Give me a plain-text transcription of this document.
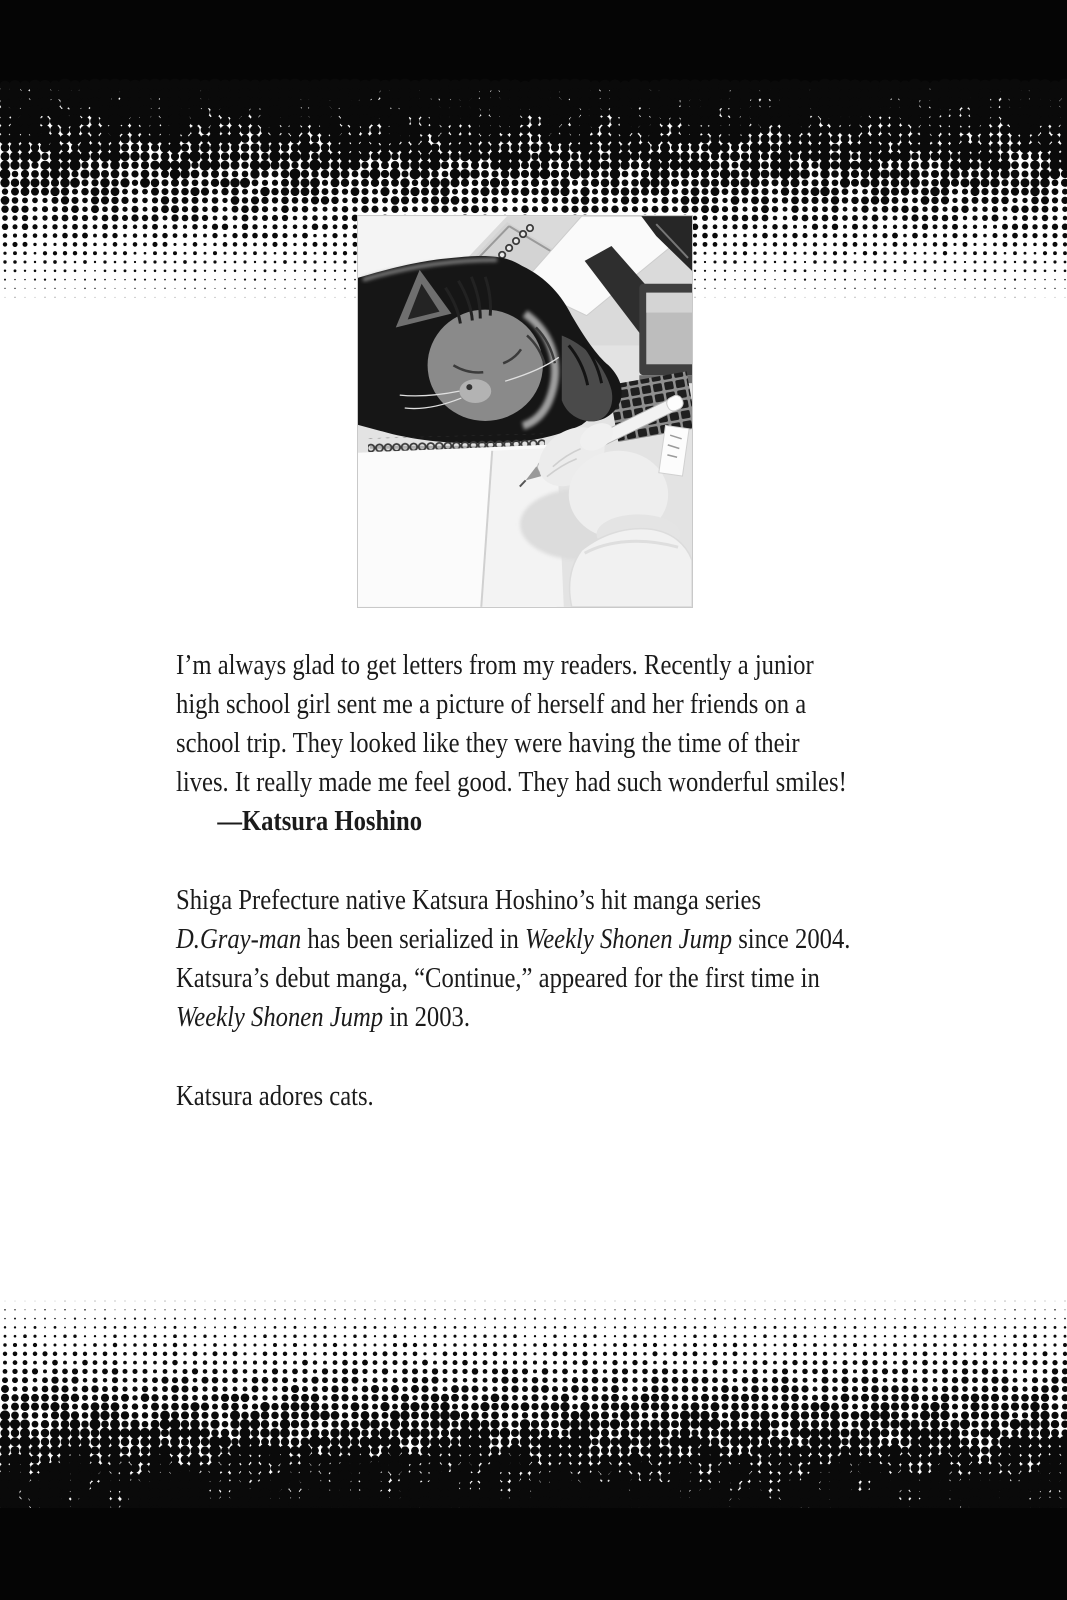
I’m always glad to get letters from my readers. Recently a junior
high school girl sent me a picture of herself and her friends on a
school trip. They looked like they were having the time of their
lives. It really made me feel good. They had such wonderful smiles!
—Katsura Hoshino
Shiga Prefecture native Katsura Hoshino’s hit manga series
D.Gray-man has been serialized in Weekly Shonen Jump since 2004.
Katsura’s debut manga, “Continue,” appeared for the first time in
Weekly Shonen Jump in 2003.
Katsura adores cats.
